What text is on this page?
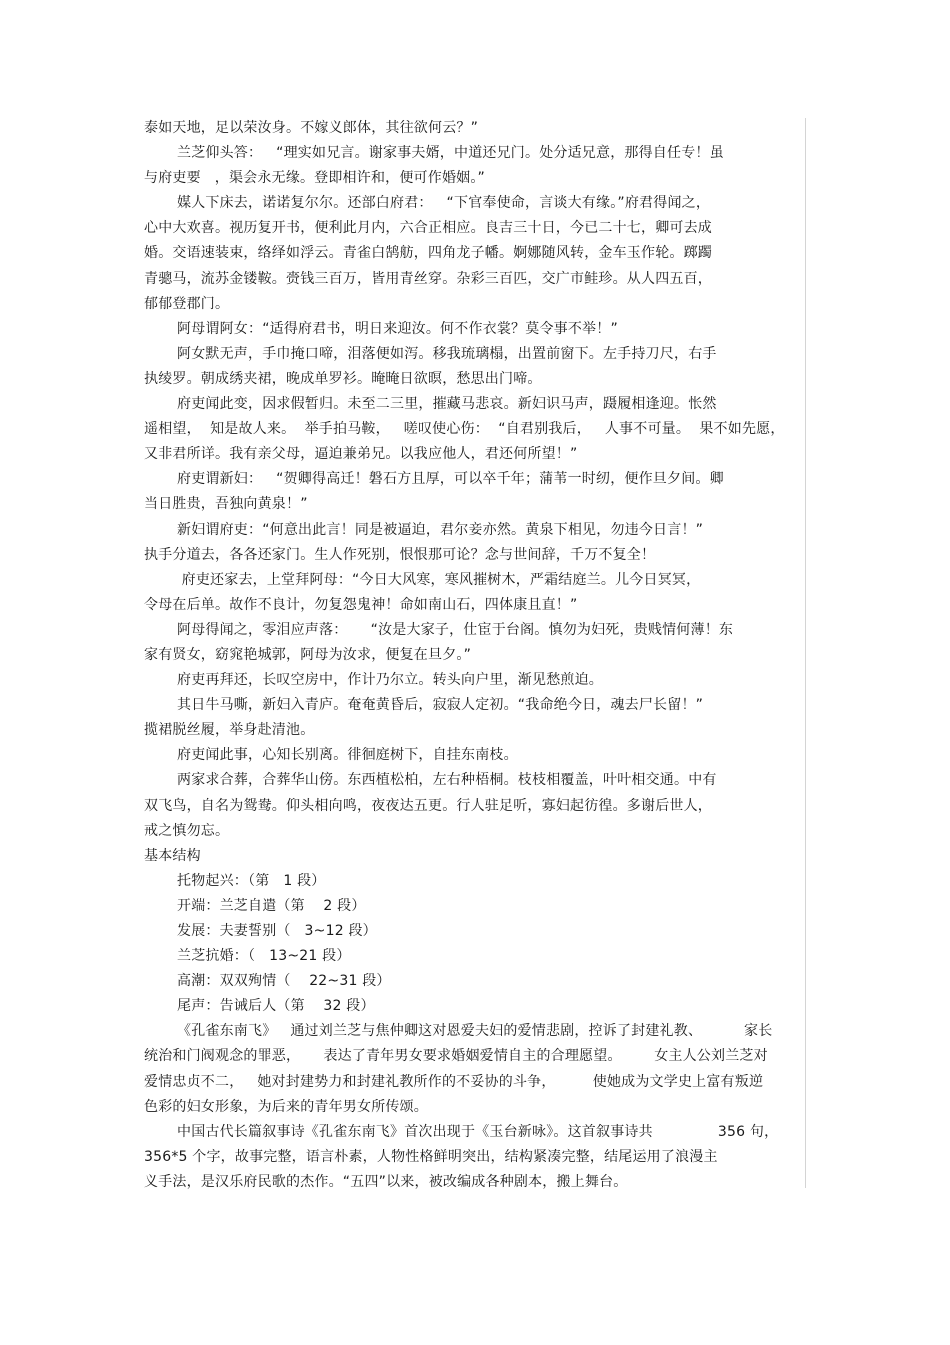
泰如天地，足以荣汝身。不嫁义郎体，其往欲何云？”
兰芝仰头答：   “理实如兄言。谢家事夫婿，中道还兄门。处分适兄意，那得自任专！虽
与府吏要   ，渠会永无缘。登即相许和，便可作婚姻。”
媒人下床去，诺诺复尔尔。还部白府君：   “下官奉使命，言谈大有缘。”府君得闻之，
心中大欢喜。视历复开书，便利此月内，六合正相应。良吉三十日，今已二十七，卿可去成
婚。交语速装束，络绎如浮云。青雀白鹄舫，四角龙子幡。婀娜随风转，金车玉作轮。踯躅
青骢马，流苏金镂鞍。赍钱三百万，皆用青丝穿。杂彩三百匹，交广市鲑珍。从人四五百，
郁郁登郡门。
阿母谓阿女：“适得府君书，明日来迎汝。何不作衣裳？莫令事不举！”
阿女默无声，手巾掩口啼，泪落便如泻。移我琉璃榻，出置前窗下。左手持刀尺，右手
执绫罗。朝成绣夹裙，晚成单罗衫。晻晻日欲暝，愁思出门啼。
府吏闻此变，因求假暂归。未至二三里，摧藏马悲哀。新妇识马声，蹑履相逢迎。怅然
遥相望，  知是故人来。  举手拍马鞍，   嗟叹使心伤：  “自君别我后，   人事不可量。  果不如先愿，
又非君所详。我有亲父母，逼迫兼弟兄。以我应他人，君还何所望！”
府吏谓新妇：   “贺卿得高迁！磐石方且厚，可以卒千年；蒲苇一时纫，便作旦夕间。卿
当日胜贵，吾独向黄泉！”
新妇谓府吏：“何意出此言！同是被逼迫，君尔妾亦然。黄泉下相见，勿违今日言！”
执手分道去，各各还家门。生人作死别，恨恨那可论？念与世间辞，千万不复全！
府吏还家去，上堂拜阿母：“今日大风寒，寒风摧树木，严霜结庭兰。儿今日冥冥，
令母在后单。故作不良计，勿复怨鬼神！命如南山石，四体康且直！”
阿母得闻之，零泪应声落：     “汝是大家子，仕宦于台阁。慎勿为妇死，贵贱情何薄！东
家有贤女，窈窕艳城郭，阿母为汝求，便复在旦夕。”
府吏再拜还，长叹空房中，作计乃尔立。转头向户里，渐见愁煎迫。
其日牛马嘶，新妇入青庐。奄奄黄昏后，寂寂人定初。“我命绝今日，魂去尸长留！”
揽裙脱丝履，举身赴清池。
府吏闻此事，心知长别离。徘徊庭树下，自挂东南枝。
两家求合葬，合葬华山傍。东西植松柏，左右种梧桐。枝枝相覆盖，叶叶相交通。中有
双飞鸟，自名为鸳鸯。仰头相向鸣，夜夜达五更。行人驻足听，寡妇起彷徨。多谢后世人，
戒之慎勿忘。
基本结构
托物起兴：（第   1 段）
开端：兰芝自遣（第    2 段）
发展：夫妻誓别（   3~12 段）
兰芝抗婚：（   13~21 段）
高潮：双双殉情（    22~31 段）
尾声：告诫后人（第    32 段）
《孔雀东南飞》   通过刘兰芝与焦仲卿这对恩爱夫妇的爱情悲剧，控诉了封建礼教、         家长
统治和门阀观念的罪恶，     表达了青年男女要求婚姻爱情自主的合理愿望。       女主人公刘兰芝对
爱情忠贞不二，   她对封建势力和封建礼教所作的不妥协的斗争，        使她成为文学史上富有叛逆
色彩的妇女形象，为后来的青年男女所传颂。
中国古代长篇叙事诗《孔雀东南飞》首次出现于《玉台新咏》。这首叙事诗共              356 句，
356*5 个字，故事完整，语言朴素，人物性格鲜明突出，结构紧凑完整，结尾运用了浪漫主
义手法，是汉乐府民歌的杰作。“五四”以来，被改编成各种剧本，搬上舞台。
